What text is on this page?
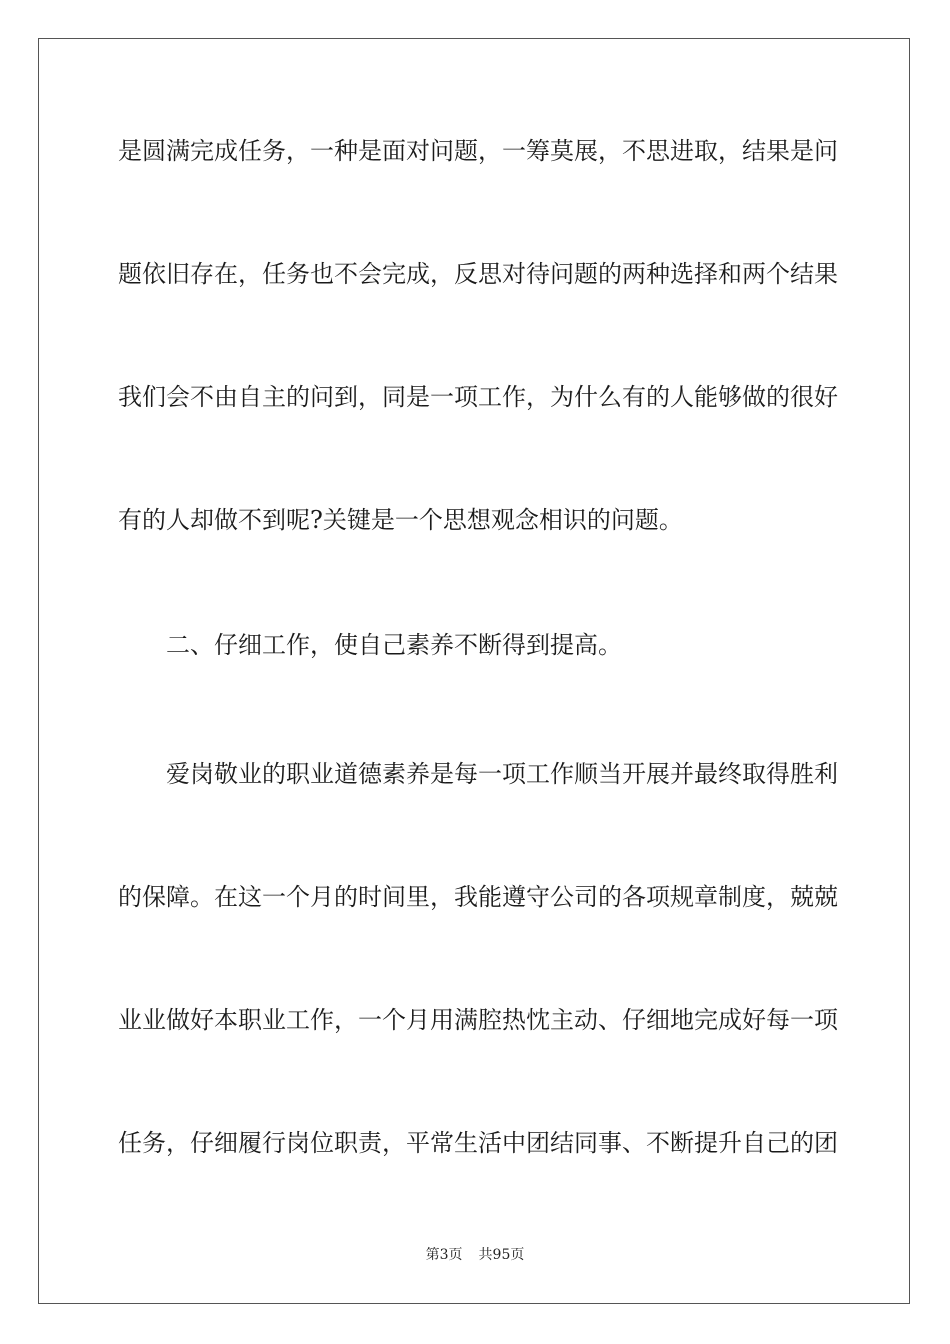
是圆满完成任务，一种是面对问题，一筹莫展，不思进取，结果是问
题依旧存在，任务也不会完成，反思对待问题的两种选择和两个结果
我们会不由自主的问到，同是一项工作，为什么有的人能够做的很好
有的人却做不到呢?关键是一个思想观念相识的问题。
二、仔细工作，使自己素养不断得到提高。
爱岗敬业的职业道德素养是每一项工作顺当开展并最终取得胜利
的保障。在这一个月的时间里，我能遵守公司的各项规章制度，兢兢
业业做好本职业工作，一个月用满腔热忱主动、仔细地完成好每一项
任务，仔细履行岗位职责，平常生活中团结同事、不断提升自己的团
第3页 共95页
